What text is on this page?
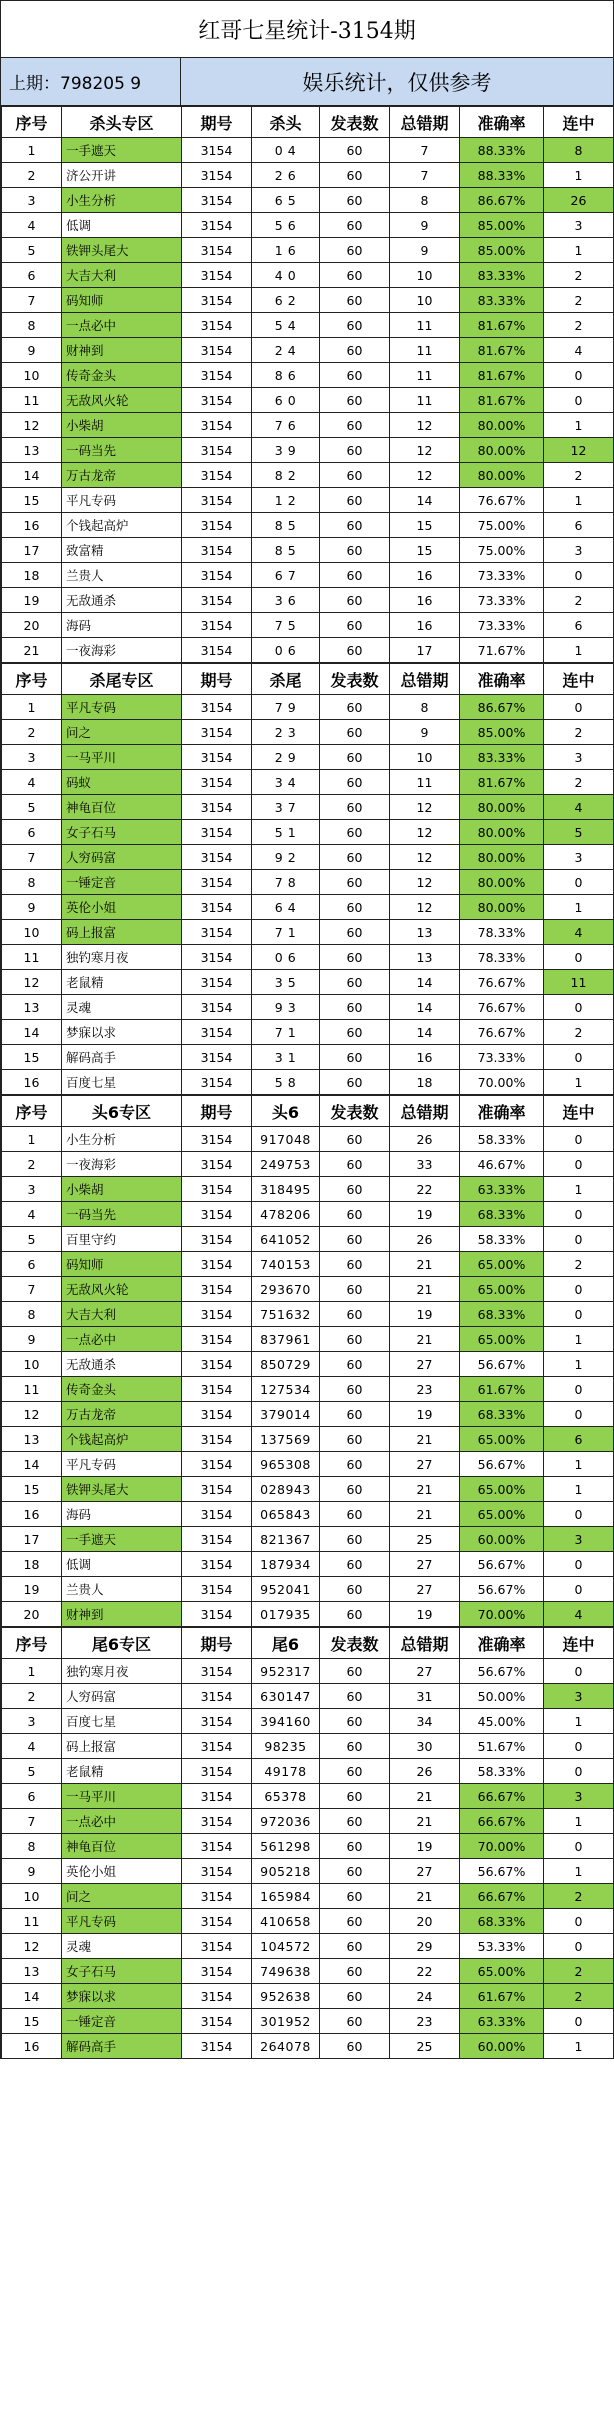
红哥七星统计-3154期
上期：798205 9	娱乐统计，仅供参考
序号	杀头专区	期号	杀头	发表数	总错期	准确率	连中
1	一手遮天	3154	0 4	60	7	88.33%	8
2	济公开讲	3154	2 6	60	7	88.33%	1
3	小生分析	3154	6 5	60	8	86.67%	26
4	低调	3154	5 6	60	9	85.00%	3
5	铁钾头尾大	3154	1 6	60	9	85.00%	1
6	大吉大利	3154	4 0	60	10	83.33%	2
7	码知师	3154	6 2	60	10	83.33%	2
8	一点必中	3154	5 4	60	11	81.67%	2
9	财神到	3154	2 4	60	11	81.67%	4
10	传奇金头	3154	8 6	60	11	81.67%	0
11	无敌风火轮	3154	6 0	60	11	81.67%	0
12	小柴胡	3154	7 6	60	12	80.00%	1
13	一码当先	3154	3 9	60	12	80.00%	12
14	万古龙帝	3154	8 2	60	12	80.00%	2
15	平凡专码	3154	1 2	60	14	76.67%	1
16	个钱起高炉	3154	8 5	60	15	75.00%	6
17	致富精	3154	8 5	60	15	75.00%	3
18	兰贵人	3154	6 7	60	16	73.33%	0
19	无敌通杀	3154	3 6	60	16	73.33%	2
20	海码	3154	7 5	60	16	73.33%	6
21	一夜海彩	3154	0 6	60	17	71.67%	1
序号	杀尾专区	期号	杀尾	发表数	总错期	准确率	连中
1	平凡专码	3154	7 9	60	8	86.67%	0
2	问之	3154	2 3	60	9	85.00%	2
3	一马平川	3154	2 9	60	10	83.33%	3
4	码蚁	3154	3 4	60	11	81.67%	2
5	神龟百位	3154	3 7	60	12	80.00%	4
6	女子石马	3154	5 1	60	12	80.00%	5
7	人穷码富	3154	9 2	60	12	80.00%	3
8	一锤定音	3154	7 8	60	12	80.00%	0
9	英伦小姐	3154	6 4	60	12	80.00%	1
10	码上报富	3154	7 1	60	13	78.33%	4
11	独钓寒月夜	3154	0 6	60	13	78.33%	0
12	老鼠精	3154	3 5	60	14	76.67%	11
13	灵魂	3154	9 3	60	14	76.67%	0
14	梦寐以求	3154	7 1	60	14	76.67%	2
15	解码高手	3154	3 1	60	16	73.33%	0
16	百度七星	3154	5 8	60	18	70.00%	1
序号	头6专区	期号	头6	发表数	总错期	准确率	连中
1	小生分析	3154	917048	60	26	58.33%	0
2	一夜海彩	3154	249753	60	33	46.67%	0
3	小柴胡	3154	318495	60	22	63.33%	1
4	一码当先	3154	478206	60	19	68.33%	0
5	百里守约	3154	641052	60	26	58.33%	0
6	码知师	3154	740153	60	21	65.00%	2
7	无敌风火轮	3154	293670	60	21	65.00%	0
8	大吉大利	3154	751632	60	19	68.33%	0
9	一点必中	3154	837961	60	21	65.00%	1
10	无敌通杀	3154	850729	60	27	56.67%	1
11	传奇金头	3154	127534	60	23	61.67%	0
12	万古龙帝	3154	379014	60	19	68.33%	0
13	个钱起高炉	3154	137569	60	21	65.00%	6
14	平凡专码	3154	965308	60	27	56.67%	1
15	铁钾头尾大	3154	028943	60	21	65.00%	1
16	海码	3154	065843	60	21	65.00%	0
17	一手遮天	3154	821367	60	25	60.00%	3
18	低调	3154	187934	60	27	56.67%	0
19	兰贵人	3154	952041	60	27	56.67%	0
20	财神到	3154	017935	60	19	70.00%	4
序号	尾6专区	期号	尾6	发表数	总错期	准确率	连中
1	独钓寒月夜	3154	952317	60	27	56.67%	0
2	人穷码富	3154	630147	60	31	50.00%	3
3	百度七星	3154	394160	60	34	45.00%	1
4	码上报富	3154	98235	60	30	51.67%	0
5	老鼠精	3154	49178	60	26	58.33%	0
6	一马平川	3154	65378	60	21	66.67%	3
7	一点必中	3154	972036	60	21	66.67%	1
8	神龟百位	3154	561298	60	19	70.00%	0
9	英伦小姐	3154	905218	60	27	56.67%	1
10	问之	3154	165984	60	21	66.67%	2
11	平凡专码	3154	410658	60	20	68.33%	0
12	灵魂	3154	104572	60	29	53.33%	0
13	女子石马	3154	749638	60	22	65.00%	2
14	梦寐以求	3154	952638	60	24	61.67%	2
15	一锤定音	3154	301952	60	23	63.33%	0
16	解码高手	3154	264078	60	25	60.00%	1
